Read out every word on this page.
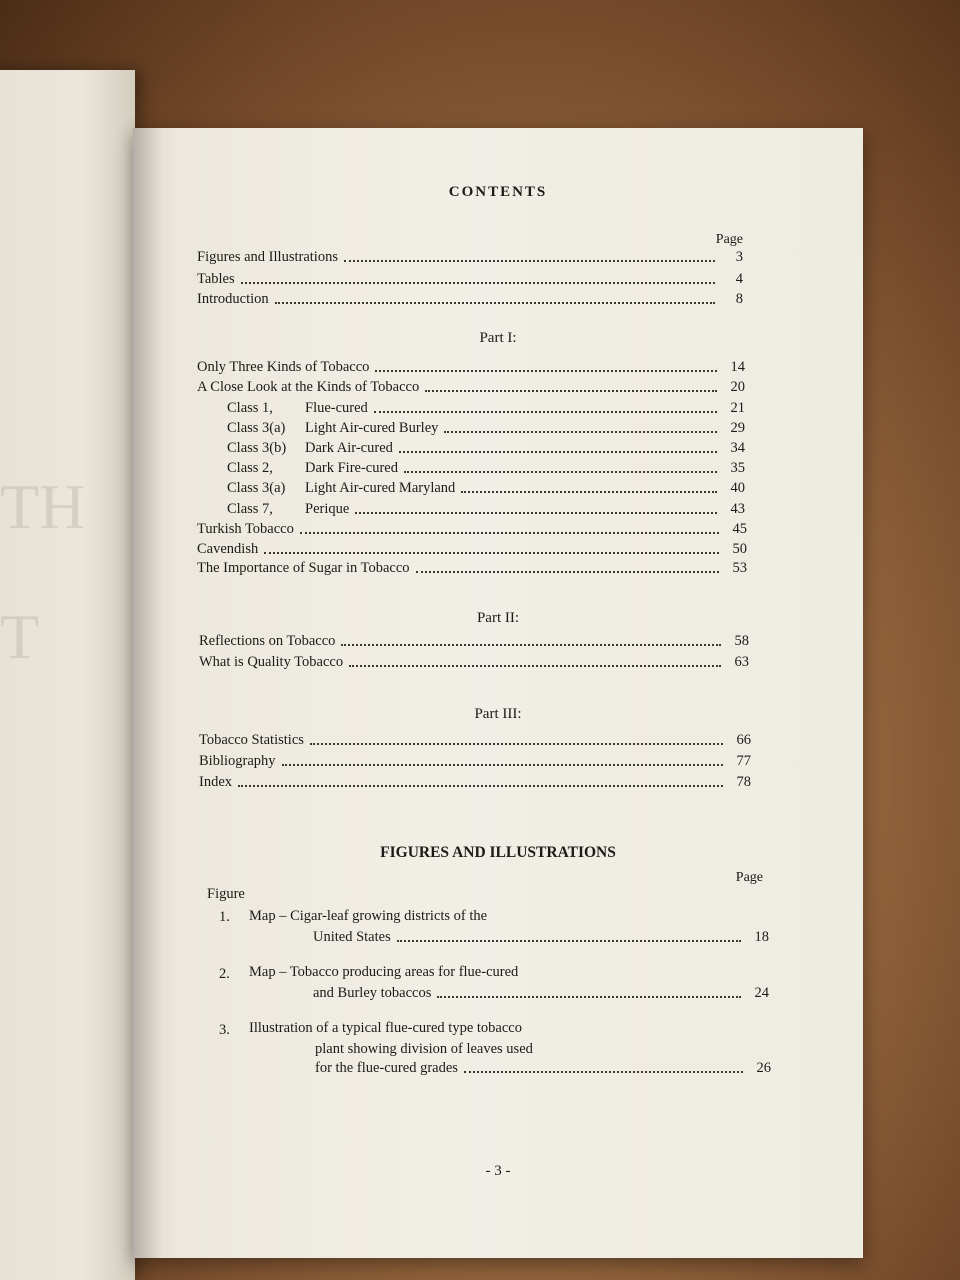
TH
T
CONTENTS
Page
Figures and Illustrations	3
Tables	4
Introduction	8
Part I:
Only Three Kinds of Tobacco	14
A Close Look at the Kinds of Tobacco	20
Class 1,	Flue-cured	21
Class 3(a)	Light Air-cured Burley	29
Class 3(b)	Dark Air-cured	34
Class 2,	Dark Fire-cured	35
Class 3(a)	Light Air-cured Maryland	40
Class 7,	Perique	43
Turkish Tobacco	45
Cavendish	50
The Importance of Sugar in Tobacco	53
Part II:
Reflections on Tobacco	58
What is Quality Tobacco	63
Part III:
Tobacco Statistics	66
Bibliography	77
Index	78
FIGURES AND ILLUSTRATIONS
Page
Figure
1. Map – Cigar-leaf growing districts of the
United States	18
2. Map – Tobacco producing areas for flue-cured
and Burley tobaccos	24
3. Illustration of a typical flue-cured type tobacco
plant showing division of leaves used
for the flue-cured grades	26
- 3 -
